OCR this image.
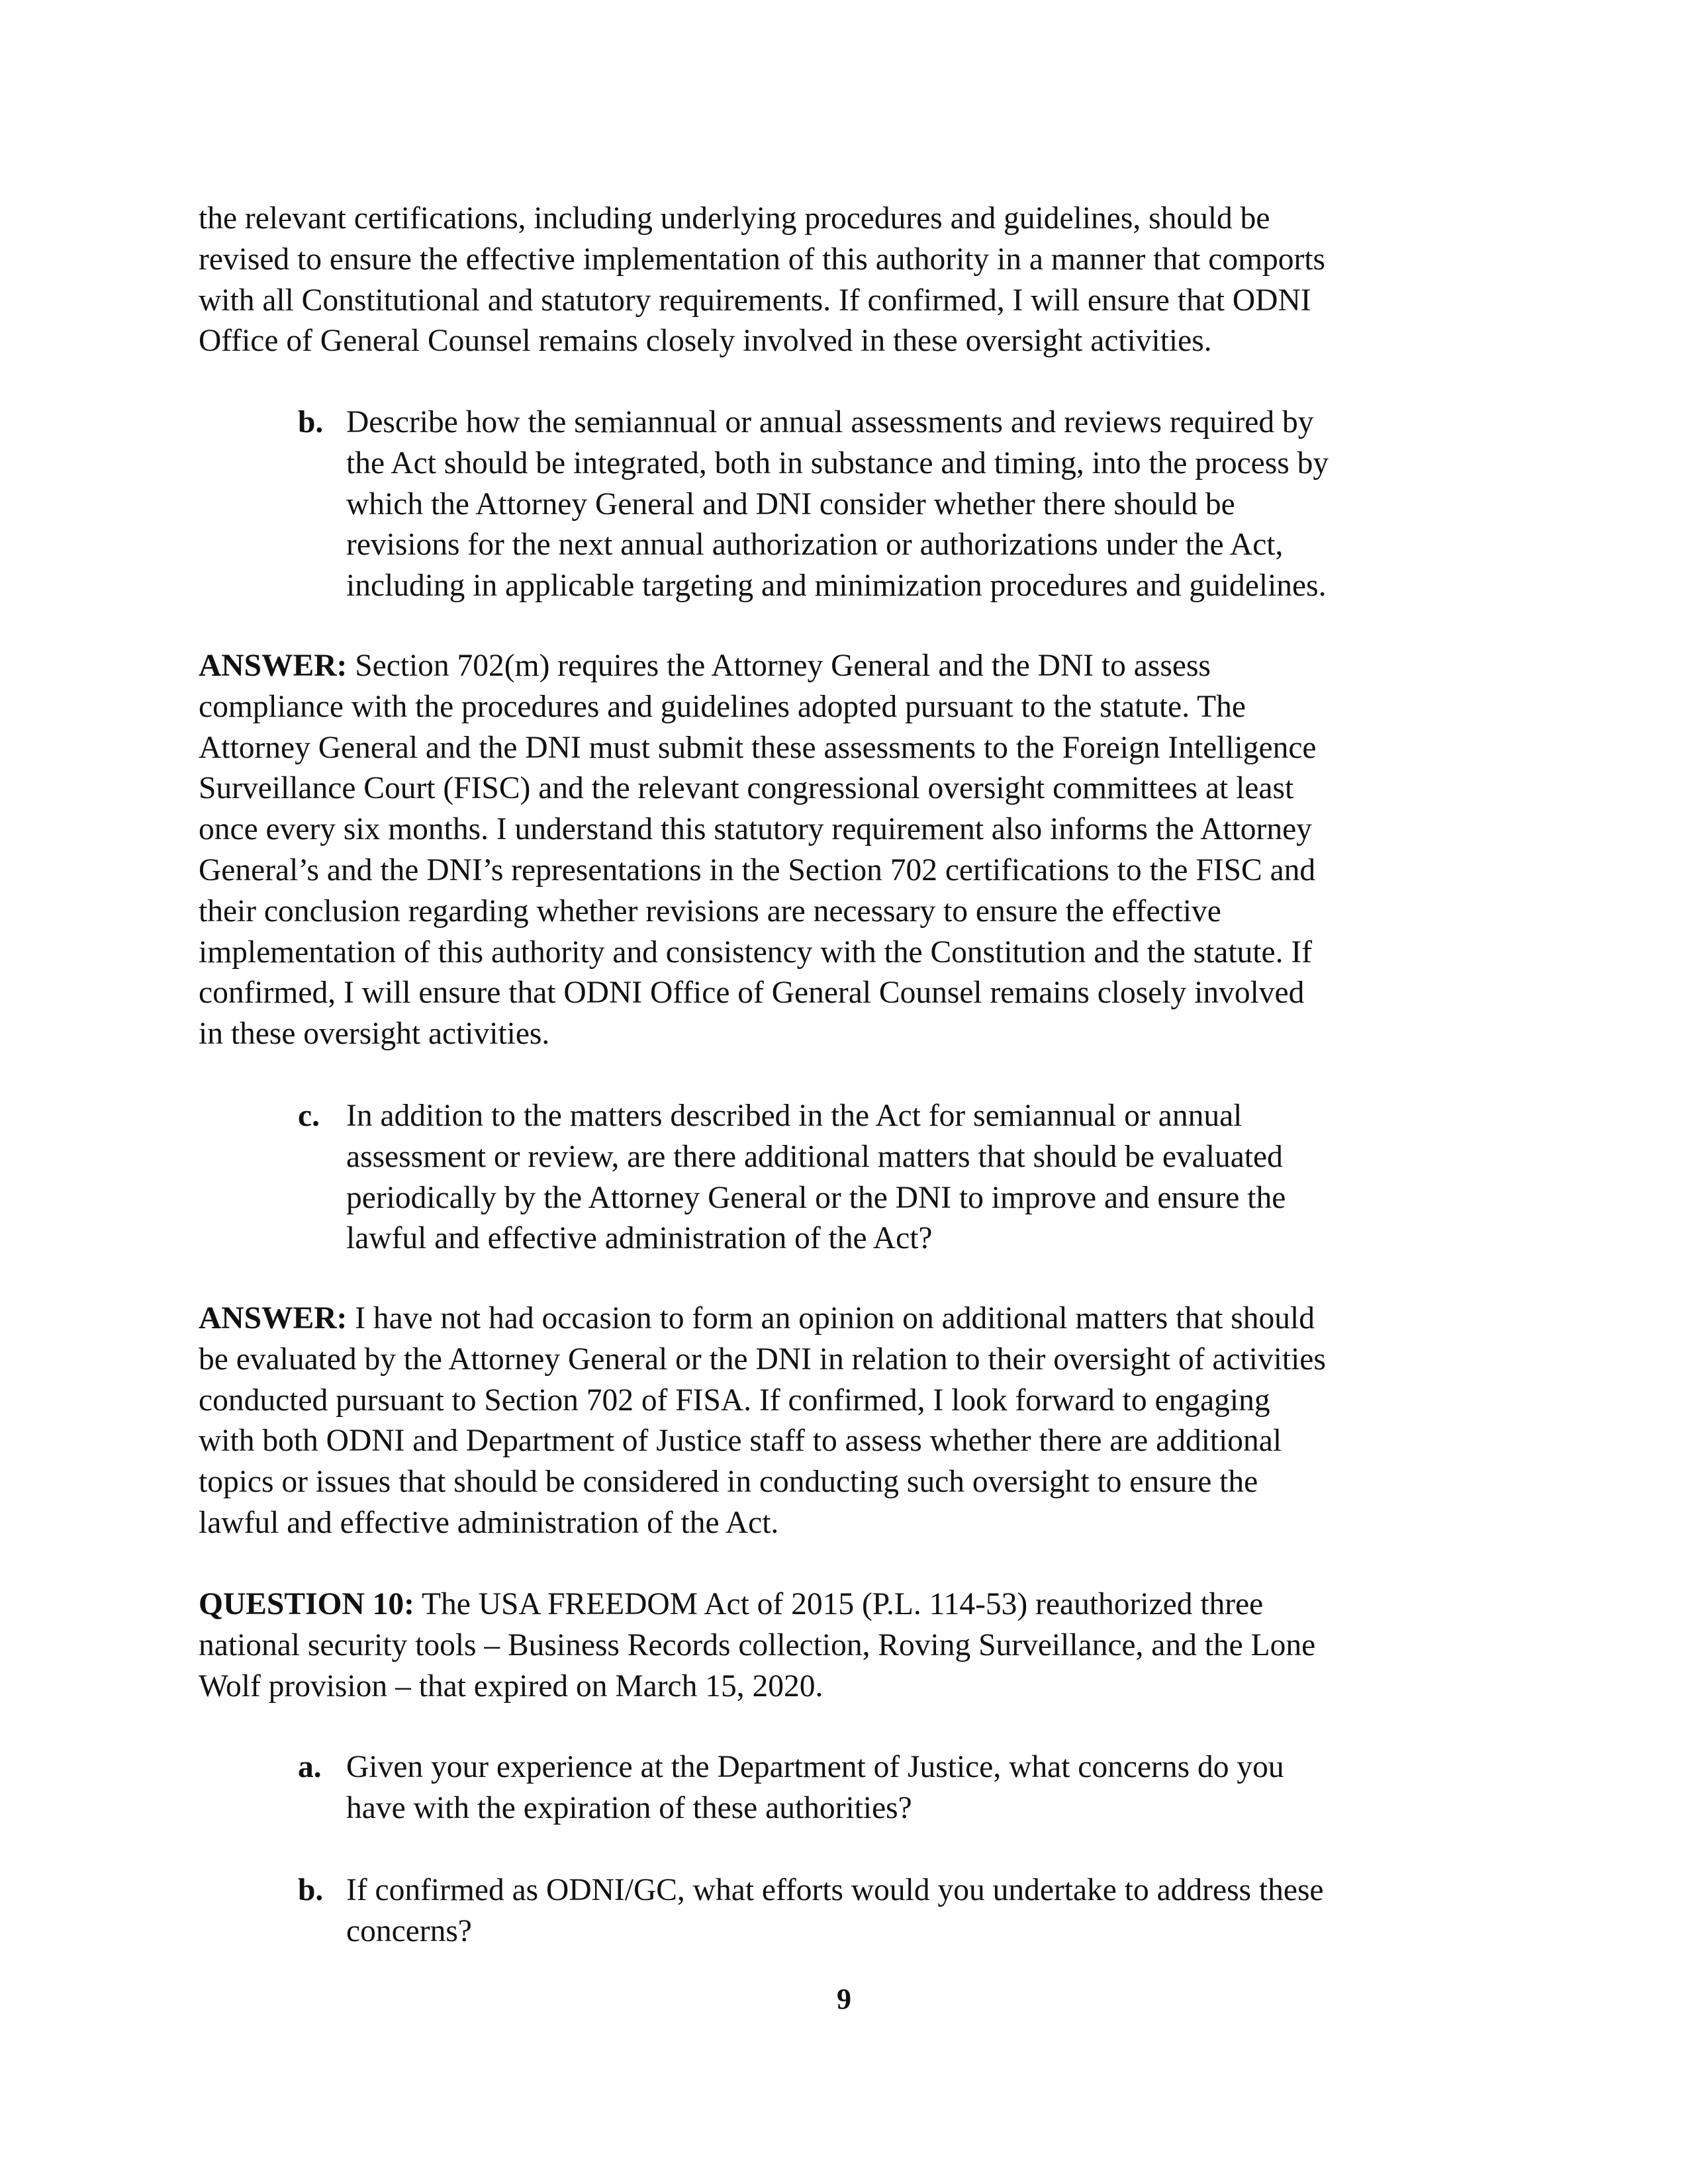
the relevant certifications, including underlying procedures and guidelines, should be
revised to ensure the effective implementation of this authority in a manner that comports
with all Constitutional and statutory requirements. If confirmed, I will ensure that ODNI
Office of General Counsel remains closely involved in these oversight activities.
b. Describe how the semiannual or annual assessments and reviews required by
the Act should be integrated, both in substance and timing, into the process by
which the Attorney General and DNI consider whether there should be
revisions for the next annual authorization or authorizations under the Act,
including in applicable targeting and minimization procedures and guidelines.
ANSWER: Section 702(m) requires the Attorney General and the DNI to assess
compliance with the procedures and guidelines adopted pursuant to the statute. The
Attorney General and the DNI must submit these assessments to the Foreign Intelligence
Surveillance Court (FISC) and the relevant congressional oversight committees at least
once every six months. I understand this statutory requirement also informs the Attorney
General’s and the DNI’s representations in the Section 702 certifications to the FISC and
their conclusion regarding whether revisions are necessary to ensure the effective
implementation of this authority and consistency with the Constitution and the statute. If
confirmed, I will ensure that ODNI Office of General Counsel remains closely involved
in these oversight activities.
c. In addition to the matters described in the Act for semiannual or annual
assessment or review, are there additional matters that should be evaluated
periodically by the Attorney General or the DNI to improve and ensure the
lawful and effective administration of the Act?
ANSWER: I have not had occasion to form an opinion on additional matters that should
be evaluated by the Attorney General or the DNI in relation to their oversight of activities
conducted pursuant to Section 702 of FISA. If confirmed, I look forward to engaging
with both ODNI and Department of Justice staff to assess whether there are additional
topics or issues that should be considered in conducting such oversight to ensure the
lawful and effective administration of the Act.
QUESTION 10: The USA FREEDOM Act of 2015 (P.L. 114-53) reauthorized three
national security tools – Business Records collection, Roving Surveillance, and the Lone
Wolf provision – that expired on March 15, 2020.
a. Given your experience at the Department of Justice, what concerns do you
have with the expiration of these authorities?
b. If confirmed as ODNI/GC, what efforts would you undertake to address these
concerns?
9
